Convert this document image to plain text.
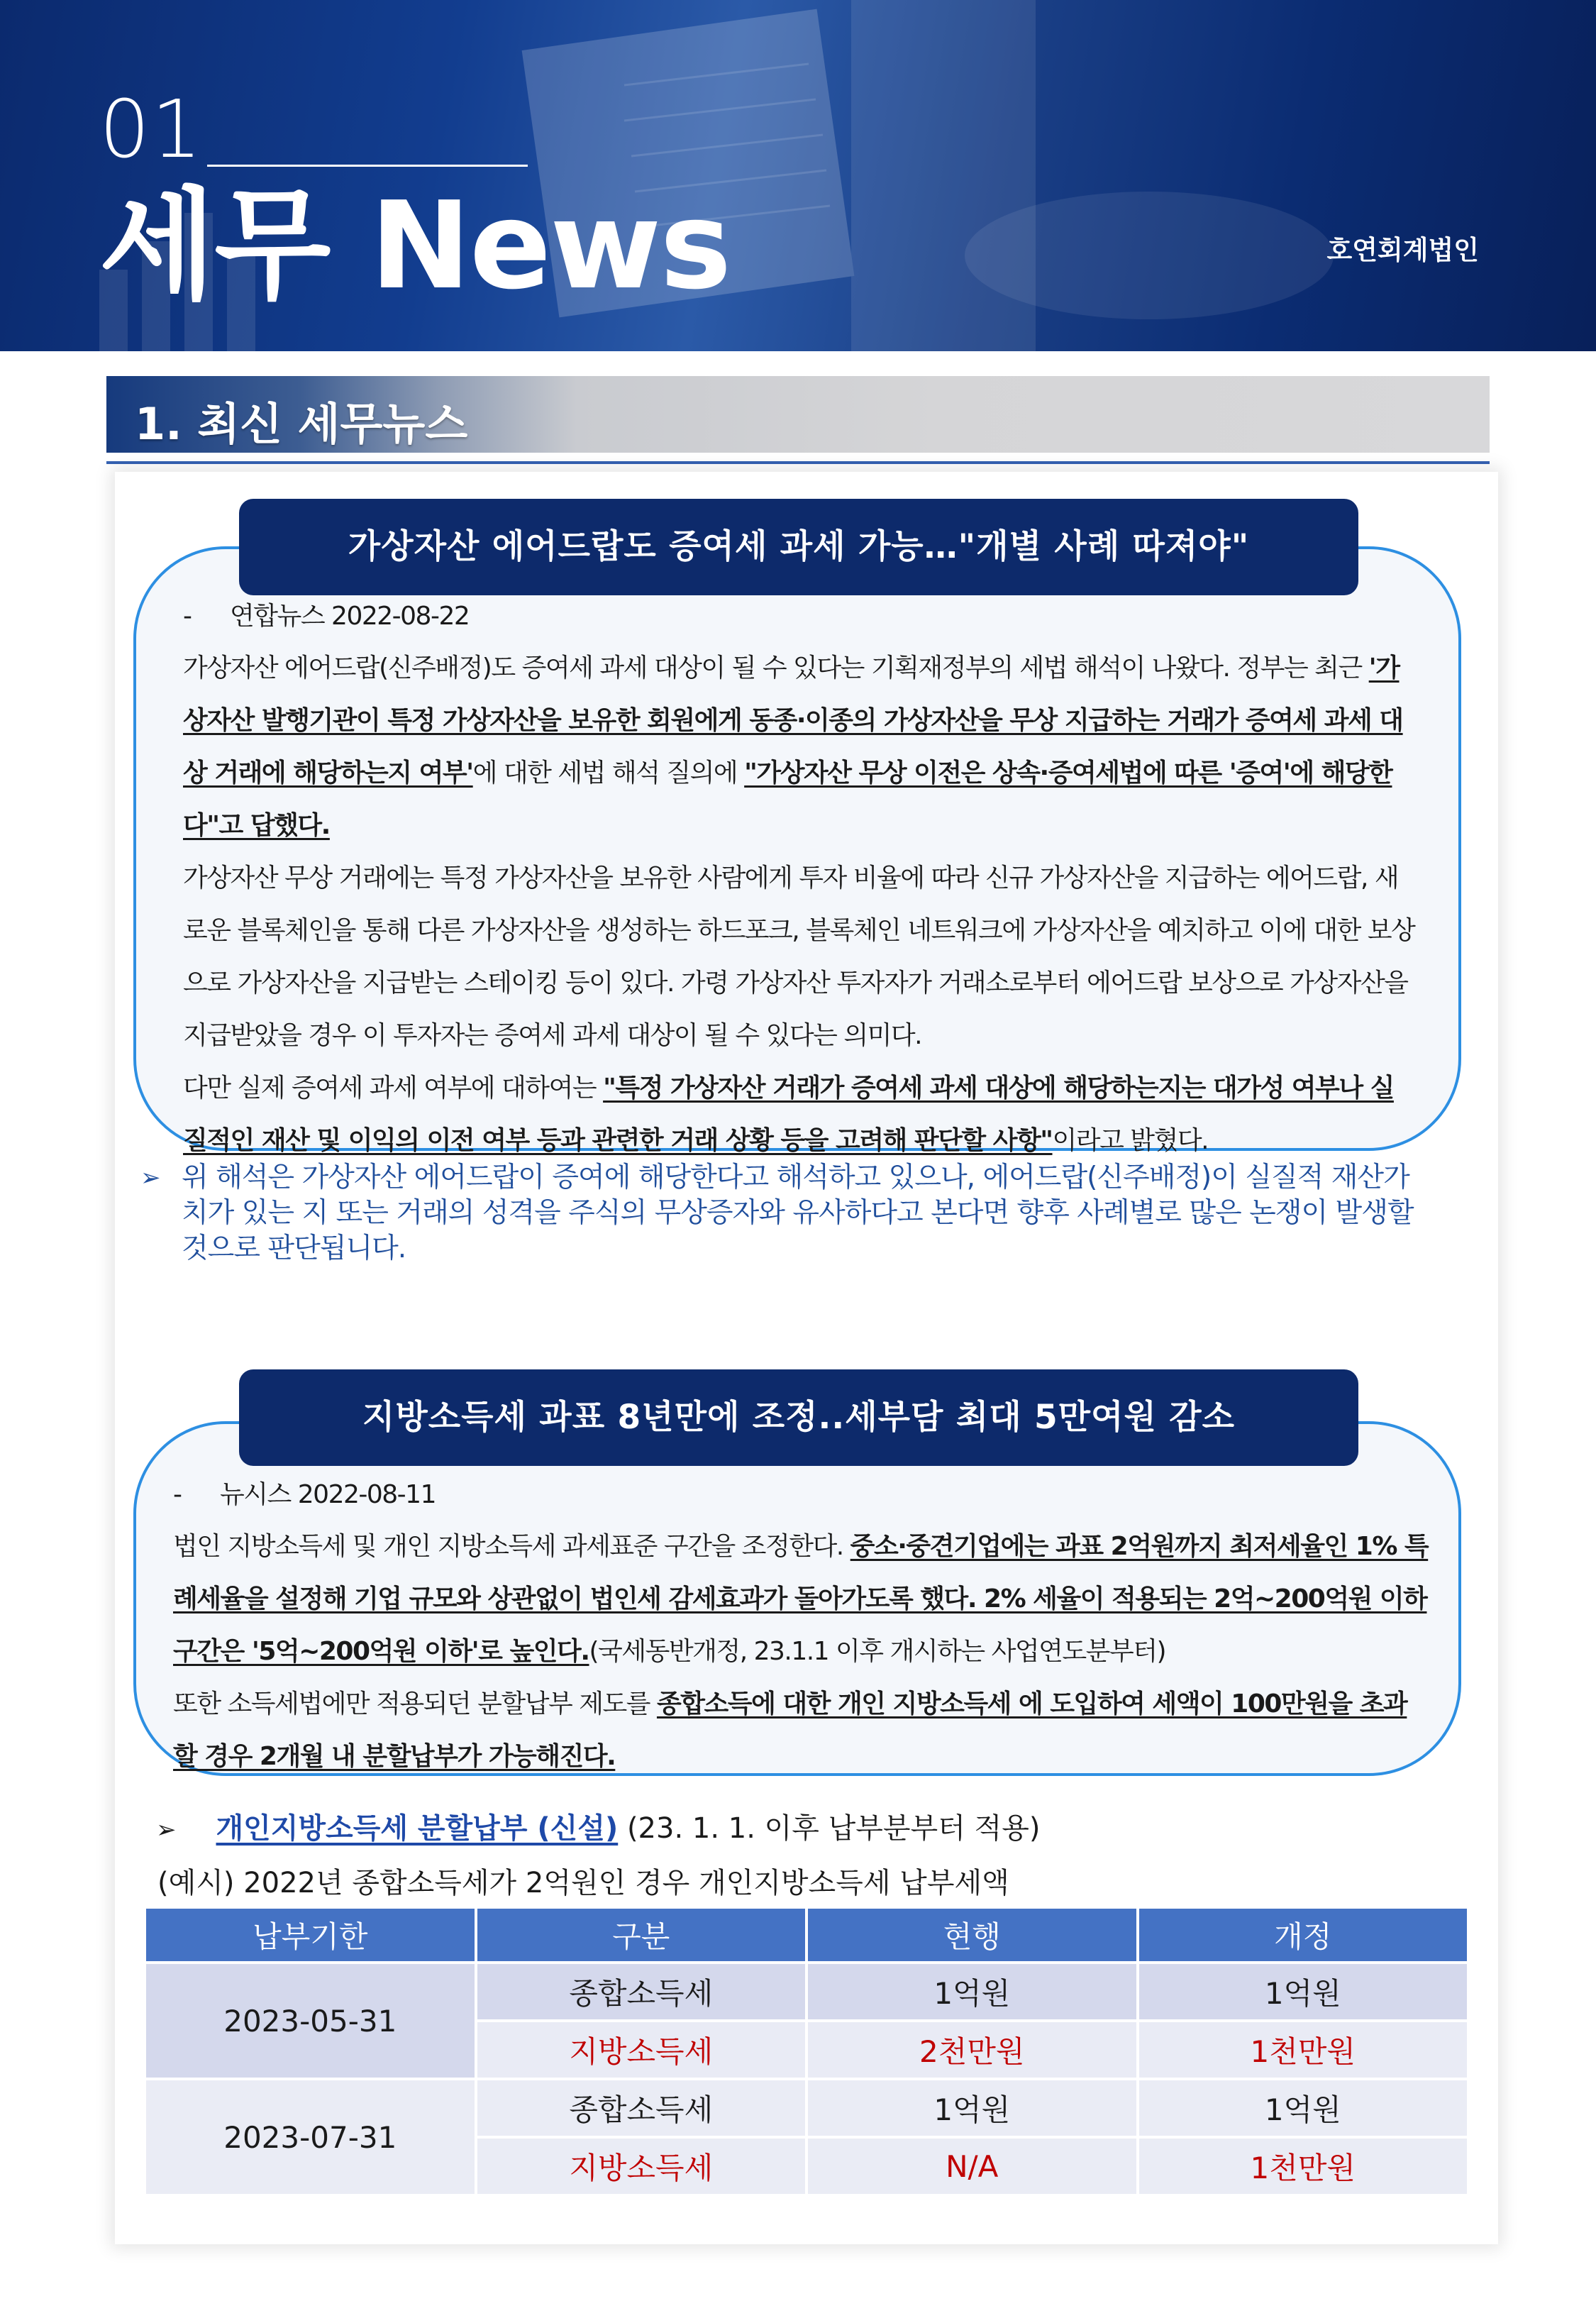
01
세무 News	호연회계법인
1. 최신 세무뉴스
가상자산 에어드랍도 증여세 과세 가능…"개별 사례 따져야"
- 연합뉴스 2022-08-22
가상자산 에어드랍(신주배정)도 증여세 과세 대상이 될 수 있다는 기획재정부의 세법 해석이 나왔다. 정부는 최근 '가상자산 발행기관이 특정 가상자산을 보유한 회원에게 동종·이종의 가상자산을 무상 지급하는 거래가 증여세 과세 대상 거래에 해당하는지 여부'에 대한 세법 해석 질의에 "가상자산 무상 이전은 상속·증여세법에 따른 '증여'에 해당한다"고 답했다.
가상자산 무상 거래에는 특정 가상자산을 보유한 사람에게 투자 비율에 따라 신규 가상자산을 지급하는 에어드랍, 새로운 블록체인을 통해 다른 가상자산을 생성하는 하드포크, 블록체인 네트워크에 가상자산을 예치하고 이에 대한 보상으로 가상자산을 지급받는 스테이킹 등이 있다. 가령 가상자산 투자자가 거래소로부터 에어드랍 보상으로 가상자산을 지급받았을 경우 이 투자자는 증여세 과세 대상이 될 수 있다는 의미다.
다만 실제 증여세 과세 여부에 대하여는 "특정 가상자산 거래가 증여세 과세 대상에 해당하는지는 대가성 여부나 실질적인 재산 및 이익의 이전 여부 등과 관련한 거래 상황 등을 고려해 판단할 사항"이라고 밝혔다.
➢ 위 해석은 가상자산 에어드랍이 증여에 해당한다고 해석하고 있으나, 에어드랍(신주배정)이 실질적 재산가치가 있는 지 또는 거래의 성격을 주식의 무상증자와 유사하다고 본다면 향후 사례별로 많은 논쟁이 발생할 것으로 판단됩니다.
지방소득세 과표 8년만에 조정..세부담 최대 5만여원 감소
- 뉴시스 2022-08-11
법인 지방소득세 및 개인 지방소득세 과세표준 구간을 조정한다. 중소·중견기업에는 과표 2억원까지 최저세율인 1% 특례세율을 설정해 기업 규모와 상관없이 법인세 감세효과가 돌아가도록 했다. 2% 세율이 적용되는 2억~200억원 이하 구간은 '5억~200억원 이하'로 높인다.(국세동반개정, 23.1.1 이후 개시하는 사업연도분부터)
또한 소득세법에만 적용되던 분할납부 제도를 종합소득에 대한 개인 지방소득세 에 도입하여 세액이 100만원을 초과할 경우 2개월 내 분할납부가 가능해진다.
➢ 개인지방소득세 분할납부 (신설) (23. 1. 1. 이후 납부분부터 적용)
(예시) 2022년 종합소득세가 2억원인 경우 개인지방소득세 납부세액
납부기한	구분	현행	개정
2023-05-31	종합소득세	1억원	1억원
	지방소득세	2천만원	1천만원
2023-07-31	종합소득세	1억원	1억원
	지방소득세	N/A	1천만원
